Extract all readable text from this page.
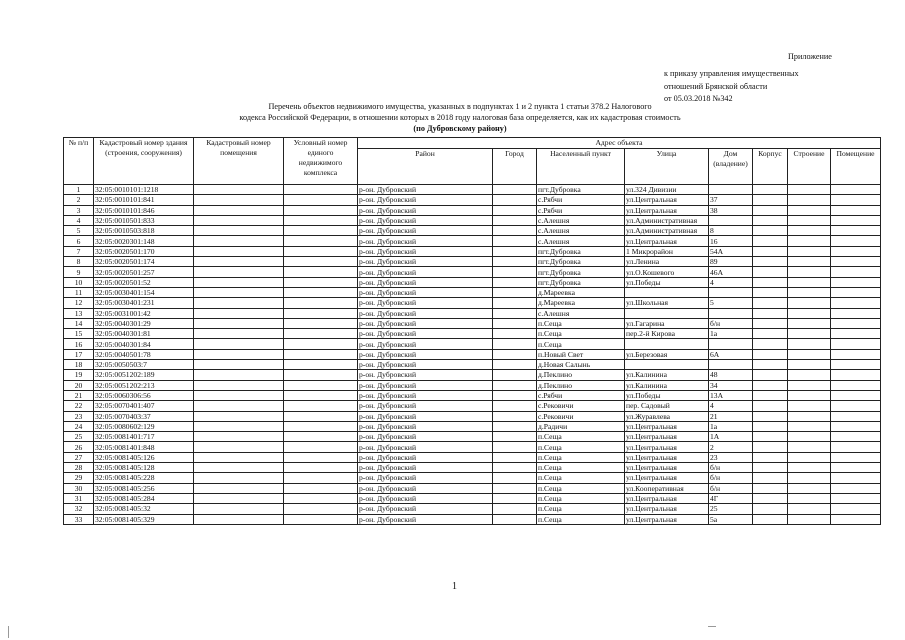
Приложение
к приказу управления имущественных
отношений Брянской области
от 05.03.2018 №342
Перечень объектов недвижимого имущества, указанных в подпунктах 1 и 2 пункта 1 статьи 378.2 Налогового
кодекса Российской Федерации, в отношении которых в 2018 году налоговая база определяется, как их кадастровая стоимость
(по Дубровскому району)
№ п/п	Кадастровый номер здания (строения, сооружения)	Кадастровый номер помещения	Условный номер единого недвижимого комплекса	Адрес объекта							
				Район	Город	Населенный пункт	Улица	Дом (владение)	Корпус	Строение	Помещение
1	32:05:0010101:1218			р-он. Дубровский		пгт.Дубровка	ул.324 Дивизии				
2	32:05:0010101:841			р-он. Дубровский		с.Рябчи	ул.Центральная	37			
3	32:05:0010101:846			р-он. Дубровский		с.Рябчи	ул.Центральная	38			
4	32:05:0010501:833			р-он. Дубровский		с.Алешня	ул.Административная				
5	32:05:0010503:818			р-он. Дубровский		с.Алешня	ул.Административная	8			
6	32:05:0020301:148			р-он. Дубровский		с.Алешня	ул.Центральная	16			
7	32:05:0020501:170			р-он. Дубровский		пгт.Дубровка	1 Микрорайон	54А			
8	32:05:0020501:174			р-он. Дубровский		пгт.Дубровка	ул.Ленина	89			
9	32:05:0020501:257			р-он. Дубровский		пгт.Дубровка	ул.О.Кошевого	46А			
10	32:05:0020501:52			р-он. Дубровский		пгт.Дубровка	ул.Победы	4			
11	32:05:0030401:154			р-он. Дубровский		д.Мареевка					
12	32:05:0030401:231			р-он. Дубровский		д.Мареевка	ул.Школьная	5			
13	32:05:0031001:42			р-он. Дубровский		с.Алешня					
14	32:05:0040301:29			р-он. Дубровский		п.Сеща	ул.Гагарина	б/н			
15	32:05:0040301:81			р-он. Дубровский		п.Сеща	пер.2-й Кирова	1а			
16	32:05:0040301:84			р-он. Дубровский		п.Сеща					
17	32:05:0040501:78			р-он. Дубровский		п.Новый Свет	ул.Березовая	6А			
18	32:05:0050503:7			р-он. Дубровский		д.Новая Салынь					
19	32:05:0051202:189			р-он. Дубровский		д.Пеклино	ул.Калинина	48			
20	32:05:0051202:213			р-он. Дубровский		д.Пеклино	ул.Калинина	34			
21	32:05:0060306:56			р-он. Дубровский		с.Рябчи	ул.Победы	13А			
22	32:05:0070401:407			р-он. Дубровский		с.Рековичи	пер. Садовый	4			
23	32:05:0070403:37			р-он. Дубровский		с.Рековичи	ул.Журавлева	21			
24	32:05:0080602:129			р-он. Дубровский		д.Радичи	ул.Центральная	1а			
25	32:05:0081401:717			р-он. Дубровский		п.Сеща	ул.Центральная	1А			
26	32:05:0081401:848			р-он. Дубровский		п.Сеща	ул.Центральная	2			
27	32:05:0081405:126			р-он. Дубровский		п.Сеща	ул.Центральная	23			
28	32:05:0081405:128			р-он. Дубровский		п.Сеща	ул.Центральная	б/н			
29	32:05:0081405:228			р-он. Дубровский		п.Сеща	ул.Центральная	б/н			
30	32:05:0081405:256			р-он. Дубровский		п.Сеща	ул.Кооперативная	б/н			
31	32:05:0081405:284			р-он. Дубровский		п.Сеща	ул.Центральная	4Г			
32	32:05:0081405:32			р-он. Дубровский		п.Сеща	ул.Центральная	25			
33	32:05:0081405:329			р-он. Дубровский		п.Сеща	ул.Центральная	5а			
1
